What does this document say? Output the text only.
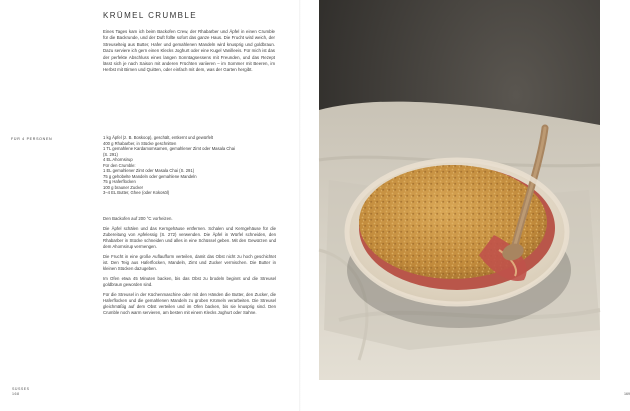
KRÜMEL CRUMBLE
Eines Tages kam ich beim Backofen Crew, der Rhabarber und Äpfel in einen Crumble für die Backrunde, und der Duft füllte sofort das ganze Haus. Die Frucht wird weich, der Streuselteig aus Butter, Hafer und gemahlenen Mandeln wird knusprig und goldbraun. Dazu serviere ich gern einen Klecks Joghurt oder eine Kugel Vanilleeis. Für mich ist das der perfekte Abschluss eines langen Sonntagsessens mit Freunden, und das Rezept lässt sich je nach Saison mit anderen Früchten variieren – im Sommer mit Beeren, im Herbst mit Birnen und Quitten, oder einfach mit dem, was der Garten hergibt.
FÜR 4 PERSONEN	1 kg Äpfel (z. B. Boskoop), geschält, entkernt und gewürfelt
400 g Rhabarber, in Stücke geschnitten
1 TL gemahlene Kardamomsamen, gemahlener Zimt oder Masala Chai
(S. 291)
4 EL Ahornsirup
Für den Crumble:
1 EL gemahlener Zimt oder Masala Chai (S. 291)
75 g gehobelte Mandeln oder gemahlene Mandeln
75 g Haferflocken
100 g brauner Zucker
3–4 EL Butter, Ghee (oder Kokosöl)

Den Backofen auf 200 °C vorheizen.

Die Äpfel schälen und das Kerngehäuse entfernen. Schalen und Kerngehäuse für die Zubereitung von Apfelessig (S. 272) verwenden. Die Äpfel in Würfel schneiden, den Rhabarber in Stücke schneiden und alles in eine Schüssel geben. Mit den Gewürzen und dem Ahornsirup vermengen.

Die Frucht in eine große Auflaufform verteilen, damit das Obst nicht zu hoch geschichtet ist. Den Teig aus Haferflocken, Mandeln, Zimt und Zucker vermischen. Die Butter in kleinen Stücken dazugeben.

Im Ofen etwa 45 Minuten backen, bis das Obst zu brodeln beginnt und die Streusel goldbraun geworden sind.

Für die Streusel in der Küchenmaschine oder mit den Händen die Butter, den Zucker, die Haferflocken und die gemahlenen Mandeln zu groben Krümeln verarbeiten. Die Streusel gleichmäßig auf dem Obst verteilen und im Ofen backen, bis sie knusprig sind. Den Crumble noch warm servieren, am besten mit einem Klecks Joghurt oder Sahne.

SÜSSES
168	169
